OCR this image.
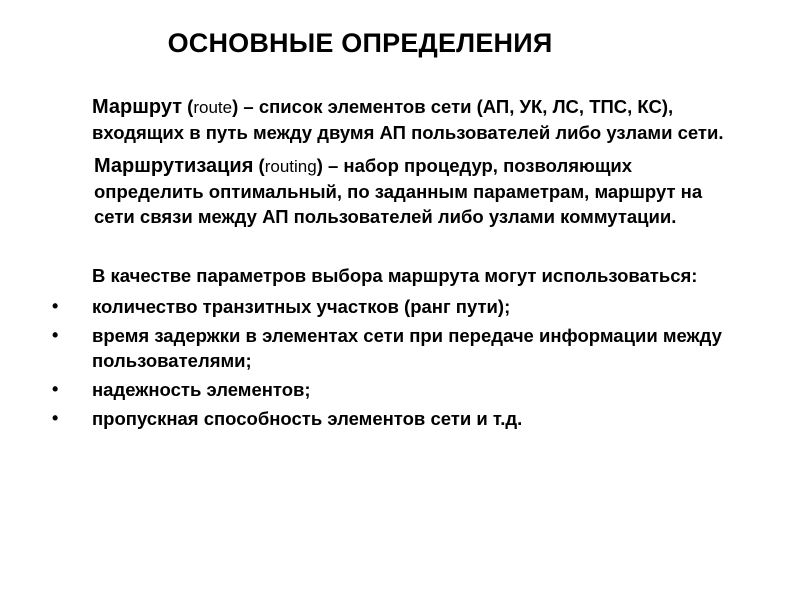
ОСНОВНЫЕ ОПРЕДЕЛЕНИЯ

Маршрут (route) – список элементов сети (АП, УК, ЛС, ТПС, КС), входящих в путь между двумя АП пользователей либо узлами сети.

Маршрутизация (routing) – набор процедур, позволяющих определить оптимальный, по заданным параметрам, маршрут на сети связи между АП пользователей либо узлами коммутации.

В качестве параметров выбора маршрута могут использоваться:

• количество транзитных участков (ранг пути);
• время задержки в элементах сети при передаче информации между пользователями;
• надежность элементов;
• пропускная способность элементов сети и т.д.
